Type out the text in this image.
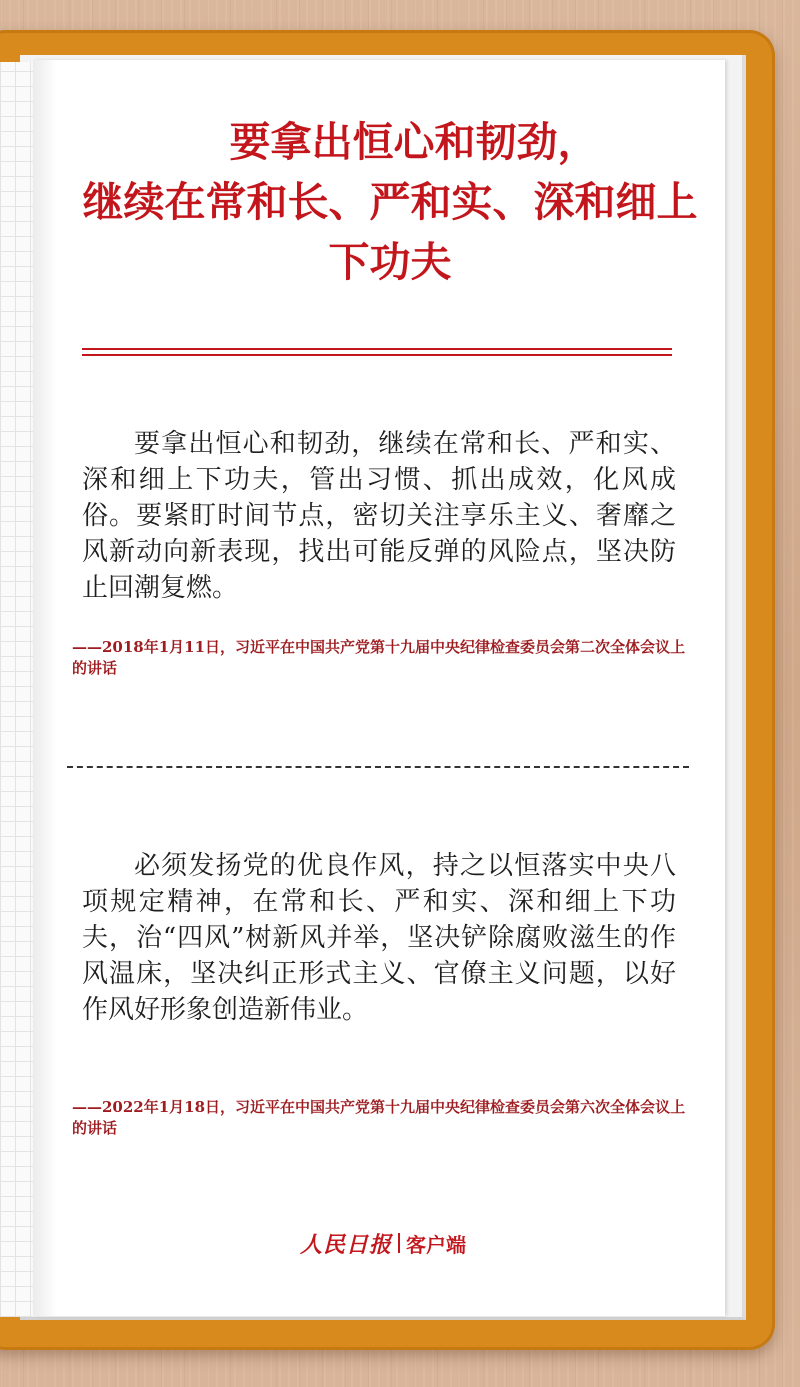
要拿出恒心和韧劲，
继续在常和长、严和实、深和细上
下功夫
要拿出恒心和韧劲，继续在常和长、严和实、深和细上下功夫，管出习惯、抓出成效，化风成俗。要紧盯时间节点，密切关注享乐主义、奢靡之风新动向新表现，找出可能反弹的风险点，坚决防止回潮复燃。
——2018年1月11日，习近平在中国共产党第十九届中央纪律检查委员会第二次全体会议上的讲话
必须发扬党的优良作风，持之以恒落实中央八项规定精神，在常和长、严和实、深和细上下功夫，治“四风”树新风并举，坚决铲除腐败滋生的作风温床，坚决纠正形式主义、官僚主义问题，以好作风好形象创造新伟业。
——2022年1月18日，习近平在中国共产党第十九届中央纪律检查委员会第六次全体会议上的讲话
人民日报 客户端
